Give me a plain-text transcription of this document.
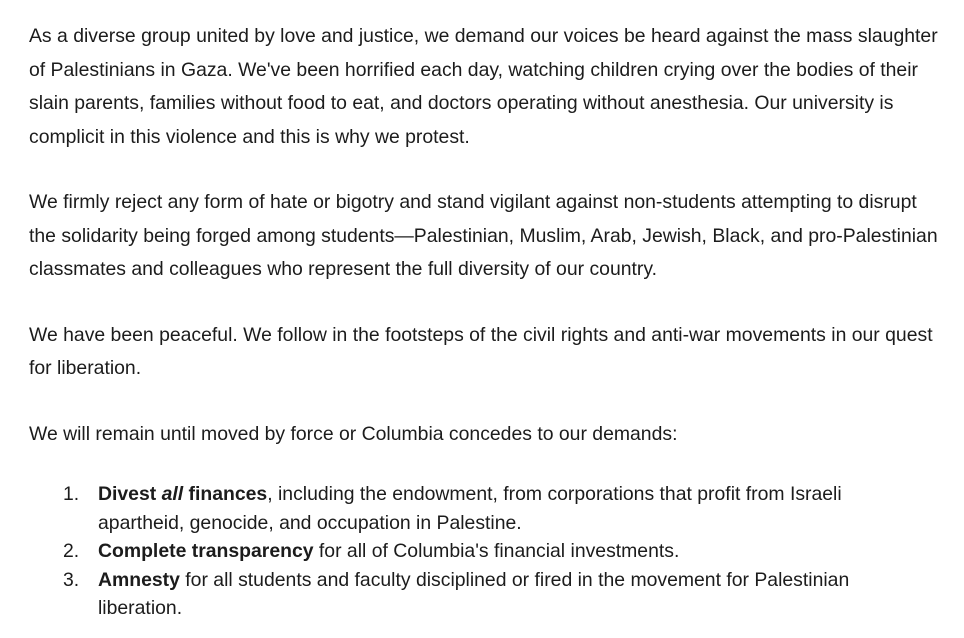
As a diverse group united by love and justice, we demand our voices be heard against the mass slaughter of Palestinians in Gaza. We've been horrified each day, watching children crying over the bodies of their slain parents, families without food to eat, and doctors operating without anesthesia. Our university is complicit in this violence and this is why we protest.

We firmly reject any form of hate or bigotry and stand vigilant against non-students attempting to disrupt the solidarity being forged among students—Palestinian, Muslim, Arab, Jewish, Black, and pro-Palestinian classmates and colleagues who represent the full diversity of our country.

We have been peaceful. We follow in the footsteps of the civil rights and anti-war movements in our quest for liberation.

We will remain until moved by force or Columbia concedes to our demands:

1. Divest all finances, including the endowment, from corporations that profit from Israeli apartheid, genocide, and occupation in Palestine.
2. Complete transparency for all of Columbia's financial investments.
3. Amnesty for all students and faculty disciplined or fired in the movement for Palestinian liberation.
